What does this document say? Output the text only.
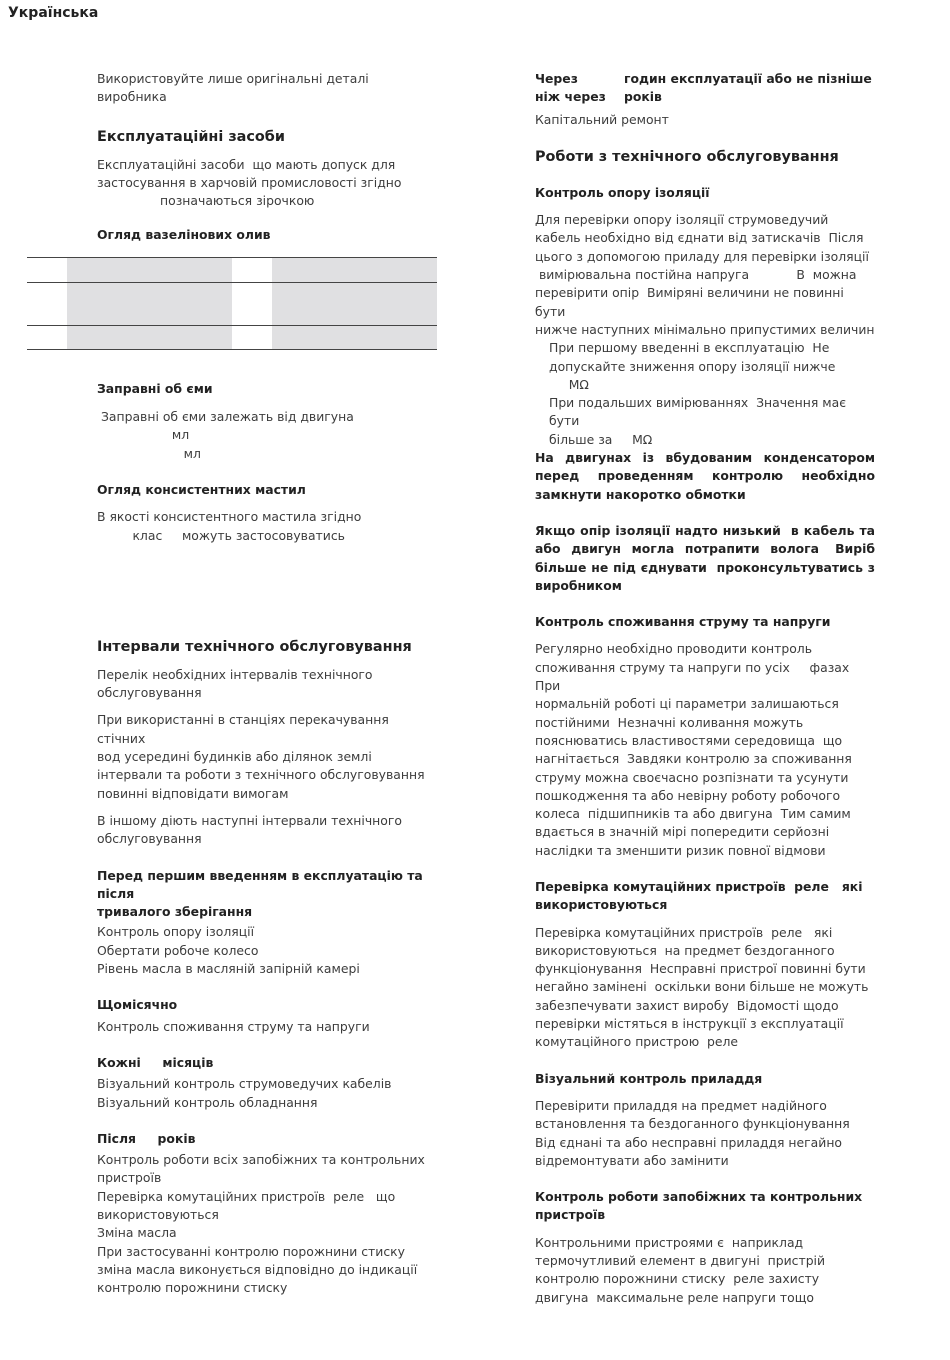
Українська

Використовуйте лише оригінальні деталі
виробника

Експлуатаційні засоби

Експлуатаційні засоби  що мають допуск для
застосування в харчовій промисловості згідно
позначаються зірочкою

Огляд вазелінових олив
Заправні об єми

Заправні об єми залежать від двигуна
мл
мл

Огляд консистентних мастил

В якості консистентного мастила згідно
клас     можуть застосовуватись

Інтервали технічного обслуговування

Перелік необхідних інтервалів технічного
обслуговування

При використанні в станціях перекачування стічних
вод усередині будинків або ділянок землі
інтервали та роботи з технічного обслуговування
повинні відповідати вимогам

В іншому діють наступні інтервали технічного
обслуговування

Перед першим введенням в експлуатацію та після
тривалого зберігання

Контроль опору ізоляції
Обертати робоче колесо
Рівень масла в масляній запірній камері

Щомісячно

Контроль споживання струму та напруги

Кожні     місяців

Візуальний контроль струмоведучих кабелів
Візуальний контроль обладнання

Після     років

Контроль роботи всіх запобіжних та контрольних
пристроїв
Перевірка комутаційних пристроїв  реле   що
використовуються
Зміна масла
При застосуванні контролю порожнини стиску
зміна масла виконується відповідно до індикації
контролю порожнини стиску

Через	годин експлуатації або не пізніше
ніж через	років

Капітальний ремонт

Роботи з технічного обслуговування
Контроль опору ізоляції

Для перевірки опору ізоляції струмоведучий
кабель необхідно від єднати від затискачів  Після
цього з допомогою приладу для перевірки ізоляції
вимірювальна постійна напруга            В  можна
перевірити опір  Виміряні величини не повинні бути
нижче наступних мінімально припустимих величин

При першому введенні в експлуатацію  Не
допускайте зниження опору ізоляції нижче
MΩ

При подальших вимірюваннях  Значення має бути
більше за     MΩ

На  двигунах  із  вбудованим  конденсатором перед  проведенням  контролю  необхідно замкнути накоротко обмотки

Якщо опір ізоляції надто низький  в кабель та або  двигун  могла  потрапити  волога   Виріб більше не під єднувати  проконсультуватись з виробником

Контроль споживання струму та напруги

Регулярно необхідно проводити контроль
споживання струму та напруги по усіх     фазах  При
нормальній роботі ці параметри залишаються
постійними  Незначні коливання можуть
пояснюватись властивостями середовища  що
нагнітається  Завдяки контролю за споживання
струму можна своєчасно розпізнати та усунути
пошкодження та або невірну роботу робочого
колеса  підшипників та або двигуна  Тим самим
вдається в значній мірі попередити серйозні
наслідки та зменшити ризик повної відмови

Перевірка комутаційних пристроїв  реле   які
використовуються

Перевірка комутаційних пристроїв  реле   які
використовуються  на предмет бездоганного
функціонування  Несправні пристрої повинні бути
негайно замінені  оскільки вони більше не можуть
забезпечувати захист виробу  Відомості щодо
перевірки містяться в інструкції з експлуатації
комутаційного пристрою  реле

Візуальний контроль приладдя

Перевірити приладдя на предмет надійного
встановлення та бездоганного функціонування
Від єднані та або несправні приладдя негайно
відремонтувати або замінити

Контроль роботи запобіжних та контрольних
пристроїв

Контрольними пристроями є  наприклад
термочутливий елемент в двигуні  пристрій
контролю порожнини стиску  реле захисту
двигуна  максимальне реле напруги тощо
